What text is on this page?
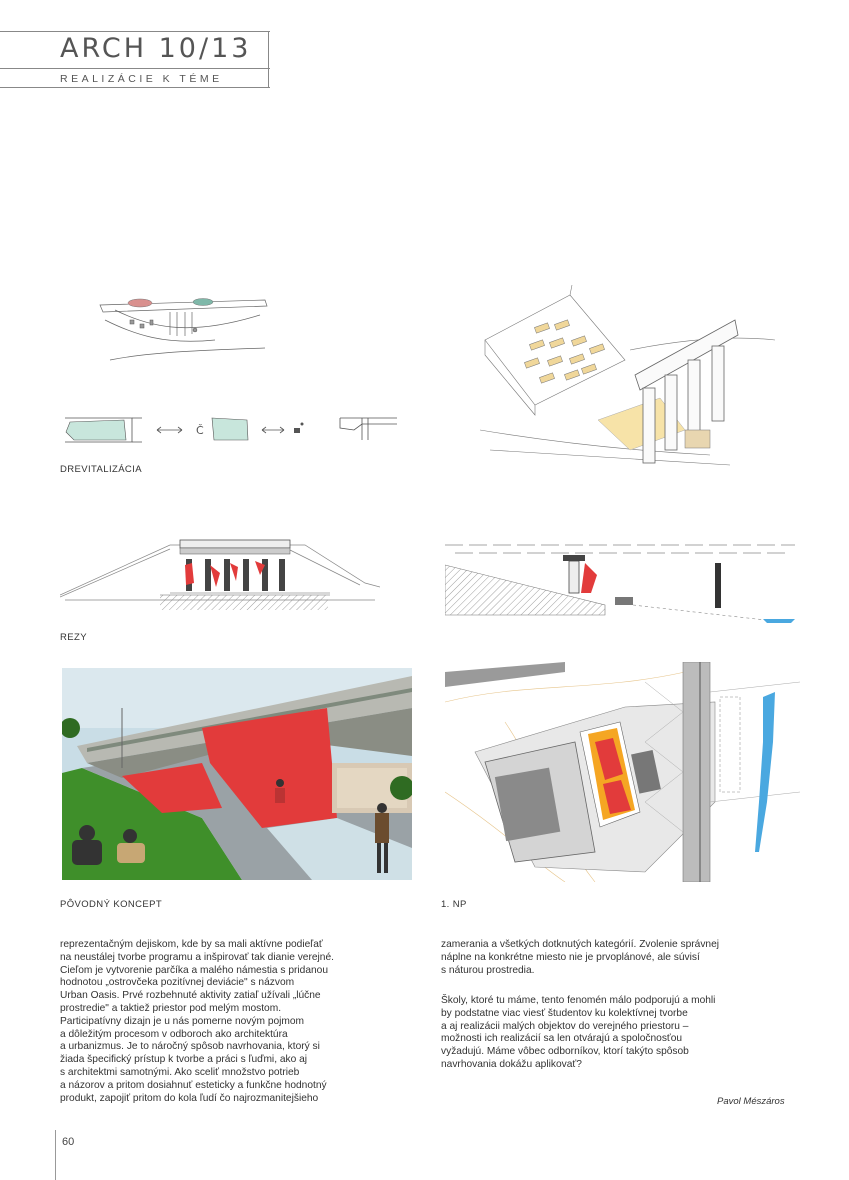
ARCH 10/13
REALIZÁCIE K TÉME
Č
DREVITALIZÁCIA
REZY
PÔVODNÝ KONCEPT	1. NP
reprezentačným dejiskom, kde by sa mali aktívne podieľať
na neustálej tvorbe programu a inšpirovať tak dianie verejné.
Cieľom je vytvorenie parčíka a malého námestia s pridanou
hodnotou „ostrovčeka pozitívnej deviácie" s názvom
Urban Oasis. Prvé rozbehnuté aktivity zatiaľ užívali „lúčne
prostredie" a taktiež priestor pod melým mostom.
Participatívny dizajn je u nás pomerne novým pojmom
a dôležitým procesom v odboroch ako architektúra
a urbanizmus. Je to náročný spôsob navrhovania, ktorý si
žiada špecifický prístup k tvorbe a práci s ľuďmi, ako aj
s architektmi samotnými. Ako sceliť množstvo potrieb
a názorov a pritom dosiahnuť esteticky a funkčne hodnotný
produkt, zapojiť pritom do kola ľudí čo najrozmanitejšieho
zamerania a všetkých dotknutých kategórií. Zvolenie správnej
náplne na konkrétne miesto nie je prvoplánové, ale súvisí
s náturou prostredia.
Školy, ktoré tu máme, tento fenomén málo podporujú a mohli
by podstatne viac viesť študentov ku kolektívnej tvorbe
a aj realizácii malých objektov do verejného priestoru –
možnosti ich realizácií sa len otvárajú a spoločnosťou
vyžadujú. Máme vôbec odborníkov, ktorí takýto spôsob
navrhovania dokážu aplikovať?
Pavol Mészáros
60
